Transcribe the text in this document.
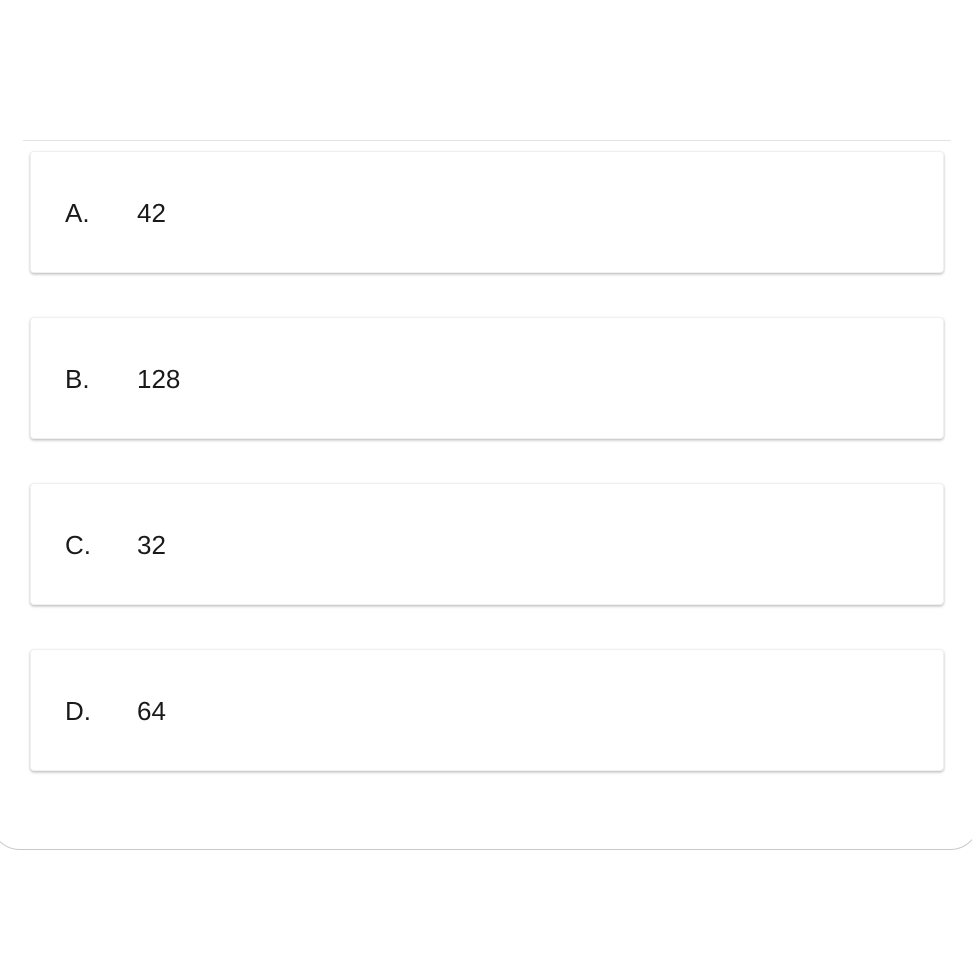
A. 42
B. 128
C. 32
D. 64
